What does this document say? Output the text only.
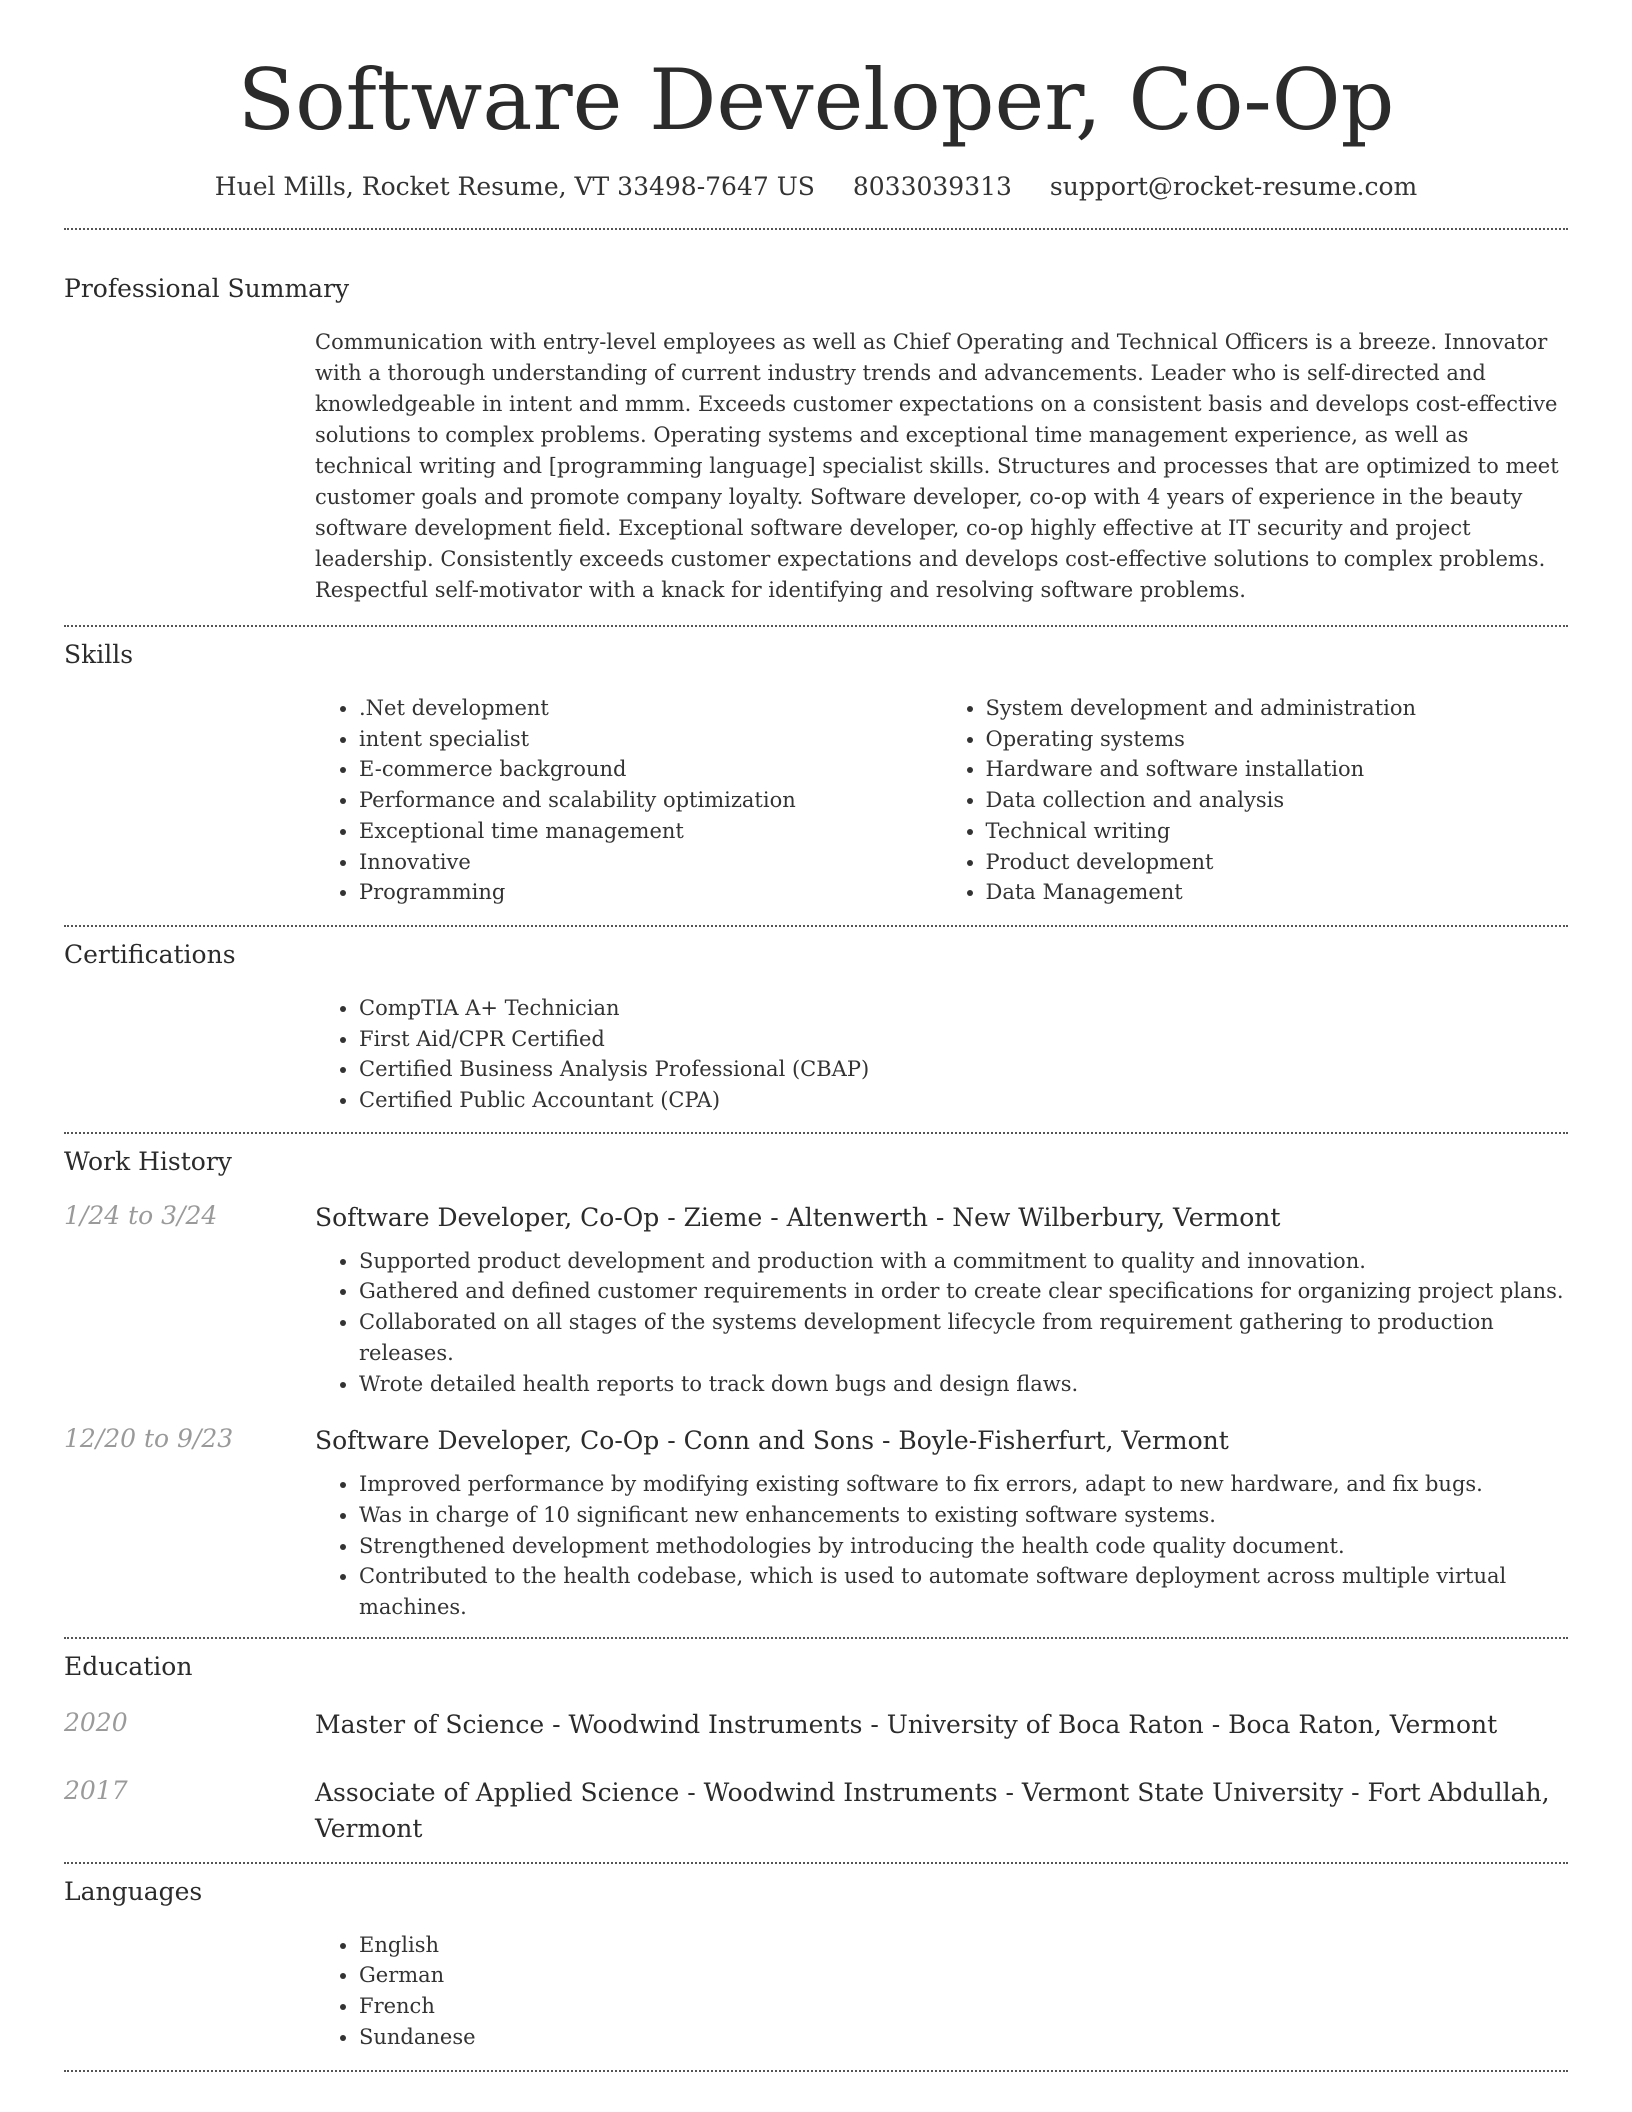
Software Developer, Co-Op
Huel Mills, Rocket Resume, VT 33498-7647 US 8033039313 support@rocket-resume.com
Professional Summary
Communication with entry-level employees as well as Chief Operating and Technical Officers is a breeze. Innovator with a thorough understanding of current industry trends and advancements. Leader who is self-directed and knowledgeable in intent and mmm. Exceeds customer expectations on a consistent basis and develops cost-effective solutions to complex problems. Operating systems and exceptional time management experience, as well as technical writing and [programming language] specialist skills. Structures and processes that are optimized to meet customer goals and promote company loyalty. Software developer, co-op with 4 years of experience in the beauty software development field. Exceptional software developer, co-op highly effective at IT security and project leadership. Consistently exceeds customer expectations and develops cost-effective solutions to complex problems. Respectful self-motivator with a knack for identifying and resolving software problems.
Skills
• .Net development
• intent specialist
• E-commerce background
• Performance and scalability optimization
• Exceptional time management
• Innovative
• Programming
• System development and administration
• Operating systems
• Hardware and software installation
• Data collection and analysis
• Technical writing
• Product development
• Data Management
Certifications
• CompTIA A+ Technician
• First Aid/CPR Certified
• Certified Business Analysis Professional (CBAP)
• Certified Public Accountant (CPA)
Work History
1/24 to 3/24	Software Developer, Co-Op - Zieme - Altenwerth - New Wilberbury, Vermont
• Supported product development and production with a commitment to quality and innovation.
• Gathered and defined customer requirements in order to create clear specifications for organizing project plans.
• Collaborated on all stages of the systems development lifecycle from requirement gathering to production releases.
• Wrote detailed health reports to track down bugs and design flaws.
12/20 to 9/23	Software Developer, Co-Op - Conn and Sons - Boyle-Fisherfurt, Vermont
• Improved performance by modifying existing software to fix errors, adapt to new hardware, and fix bugs.
• Was in charge of 10 significant new enhancements to existing software systems.
• Strengthened development methodologies by introducing the health code quality document.
• Contributed to the health codebase, which is used to automate software deployment across multiple virtual machines.
Education
2020	Master of Science - Woodwind Instruments - University of Boca Raton - Boca Raton, Vermont
2017	Associate of Applied Science - Woodwind Instruments - Vermont State University - Fort Abdullah, Vermont
Languages
• English
• German
• French
• Sundanese
